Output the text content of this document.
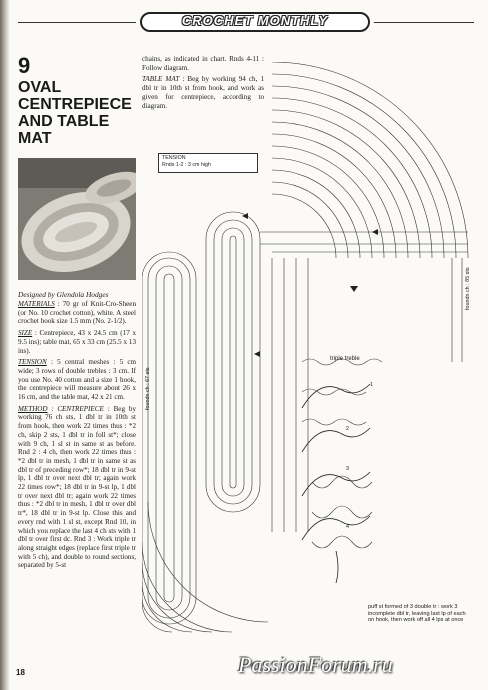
CROCHET MONTHLY
9
OVAL
CENTREPIECE
AND TABLE
MAT
Designed by Glendola Hodges

MATERIALS : 70 gr of Knit-Cro-Sheen (or No. 10 crochet cotton), white. A steel crochet hook size 1.5 mm (No. 2-1/2).

SIZE : Centrepiece, 43 x 24.5 cm (17 x 9.5 ins); table mat, 65 x 33 cm (25.5 x 13 ins).

TENSION : 5 central meshes : 5 cm wide; 3 rows of double trebles : 3 cm. If you use No. 40 cotton and a size 1 hook, the centrepiece will measure about 26 x 16 cm, and the table mat, 42 x 21 cm.

METHOD : CENTREPIECE : Beg by working 76 ch sts, 1 dbl tr in 10th st from hook, then work 22 times thus : *2 ch, skip 2 sts, 1 dbl tr in foll st*; close with 9 ch, 1 sl st in same st as before. Rnd 2 : 4 ch, then work 22 times thus : *2 dbl tr in mesh, 1 dbl tr in same st as dbl tr of preceding row*; 18 dbl tr in 9-st lp, 1 dbl tr over next dbl tr; again work 22 times row*; 18 dbl tr in 9-st lp, 1 dbl tr over next dbl tr; again work 22 times thus : *2 dbl tr in mesh, 1 dbl tr over dbl tr*, 18 dbl tr in 9-st lp. Close this and every rnd with 1 sl st, except Rnd 10, in which you replace the last 4 ch sts with 1 dbl tr over first dc. Rnd 3 : Work triple tr along straight edges (replace first triple tr with 5 ch), and double to round sections, separated by 5-st

chains, as indicated in chart. Rnds 4-11 : Follow diagram.

TABLE MAT : Beg by working 94 ch, 1 dbl tr in 10th st from hook, and work as given for centrepiece, according to diagram.

TENSION
Rnds 1-2 : 3 cm high
foundn ch : 67 sts
foundn ch : 85 sts
triple treble
1
2
3
4
puff st formed of 3 double tr : work 3 incomplete dbl tr, leaving last lp of each on hook, then work off all 4 lps at once
18	PassionForum.ru
